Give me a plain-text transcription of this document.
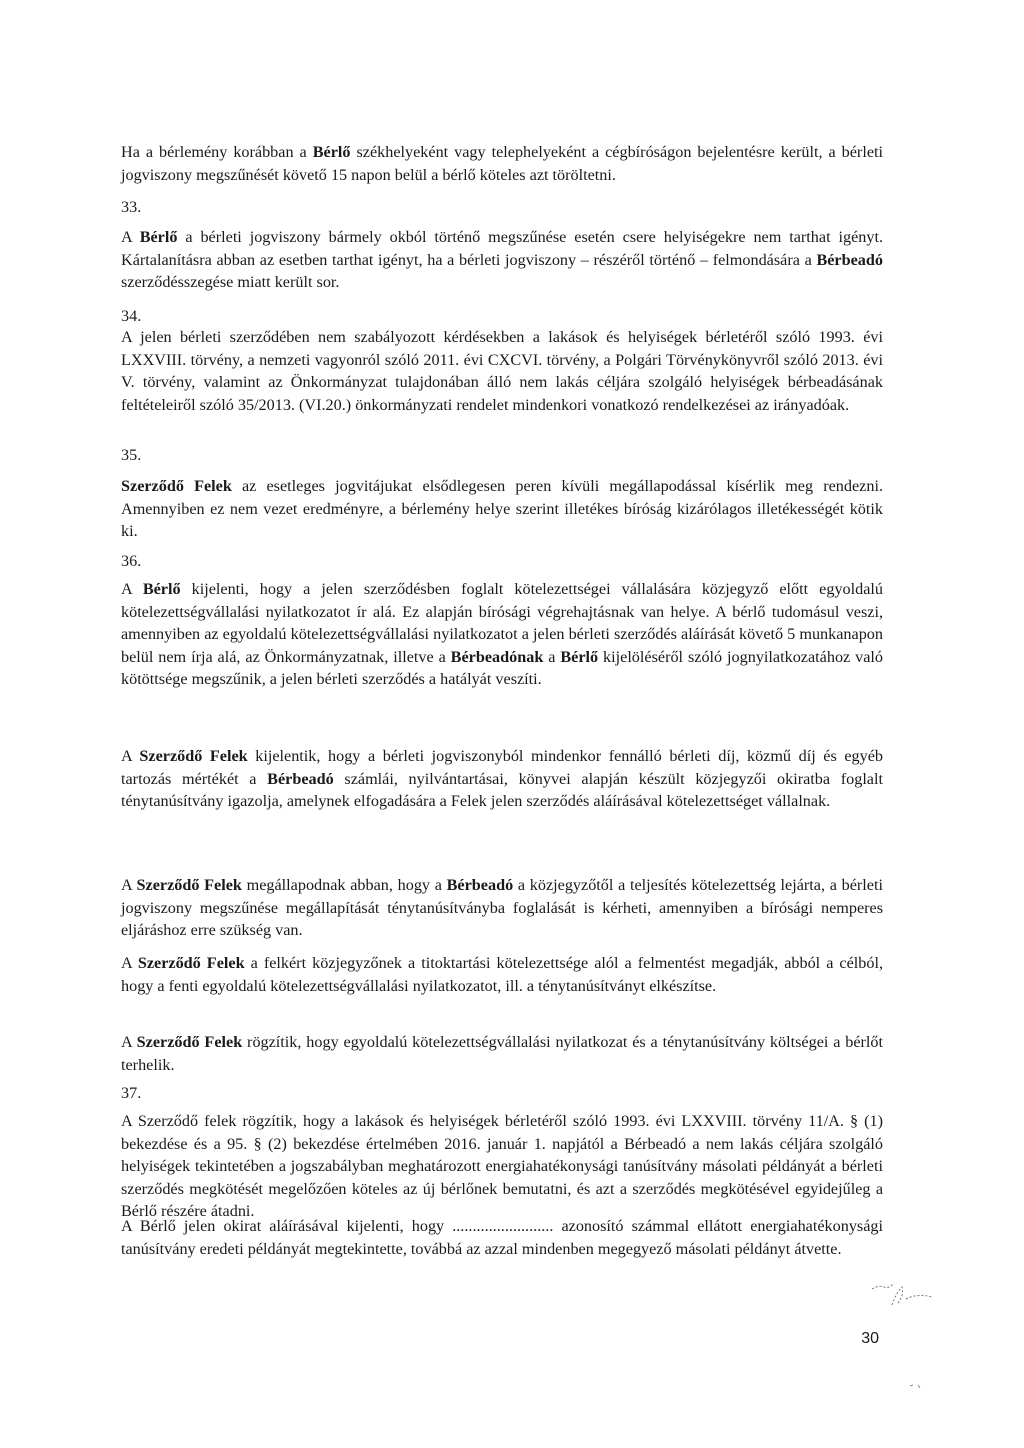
Ha a bérlemény korábban a Bérlő székhelyeként vagy telephelyeként a cégbíróságon bejelentésre került, a bérleti jogviszony megszűnését követő 15 napon belül a bérlő köteles azt töröltetni.

33.

A Bérlő a bérleti jogviszony bármely okból történő megszűnése esetén csere helyiségekre nem tarthat igényt. Kártalanításra abban az esetben tarthat igényt, ha a bérleti jogviszony – részéről történő – felmondására a Bérbeadó szerződésszegése miatt került sor.

34.

A jelen bérleti szerződében nem szabályozott kérdésekben a lakások és helyiségek bérletéről szóló 1993. évi LXXVIII. törvény, a nemzeti vagyonról szóló 2011. évi CXCVI. törvény, a Polgári Törvénykönyvről szóló 2013. évi V. törvény, valamint az Önkormányzat tulajdonában álló nem lakás céljára szolgáló helyiségek bérbeadásának feltételeiről szóló 35/2013. (VI.20.) önkormányzati rendelet mindenkori vonatkozó rendelkezései az irányadóak.

35.

Szerződő Felek az esetleges jogvitájukat elsődlegesen peren kívüli megállapodással kísérlik meg rendezni. Amennyiben ez nem vezet eredményre, a bérlemény helye szerint illetékes bíróság kizárólagos illetékességét kötik ki.

36.

A Bérlő kijelenti, hogy a jelen szerződésben foglalt kötelezettségei vállalására közjegyző előtt egyoldalú kötelezettségvállalási nyilatkozatot ír alá. Ez alapján bírósági végrehajtásnak van helye. A bérlő tudomásul veszi, amennyiben az egyoldalú kötelezettségvállalási nyilatkozatot a jelen bérleti szerződés aláírását követő 5 munkanapon belül nem írja alá, az Önkormányzatnak, illetve a Bérbeadónak a Bérlő kijelöléséről szóló jognyilatkozatához való kötöttsége megszűnik, a jelen bérleti szerződés a hatályát veszíti.

A Szerződő Felek kijelentik, hogy a bérleti jogviszonyból mindenkor fennálló bérleti díj, közmű díj és egyéb tartozás mértékét a Bérbeadó számlái, nyilvántartásai, könyvei alapján készült közjegyzői okiratba foglalt ténytanúsítvány igazolja, amelynek elfogadására a Felek jelen szerződés aláírásával kötelezettséget vállalnak.

A Szerződő Felek megállapodnak abban, hogy a Bérbeadó a közjegyzőtől a teljesítés kötelezettség lejárta, a bérleti jogviszony megszűnése megállapítását ténytanúsítványba foglalását is kérheti, amennyiben a bírósági nemperes eljáráshoz erre szükség van.

A Szerződő Felek a felkért közjegyzőnek a titoktartási kötelezettsége alól a felmentést megadják, abból a célból, hogy a fenti egyoldalú kötelezettségvállalási nyilatkozatot, ill. a ténytanúsítványt elkészítse.

A Szerződő Felek rögzítik, hogy egyoldalú kötelezettségvállalási nyilatkozat és a ténytanúsítvány költségei a bérlőt terhelik.

37.

A Szerződő felek rögzítik, hogy a lakások és helyiségek bérletéről szóló 1993. évi LXXVIII. törvény 11/A. § (1) bekezdése és a 95. § (2) bekezdése értelmében 2016. január 1. napjától a Bérbeadó a nem lakás céljára szolgáló helyiségek tekintetében a jogszabályban meghatározott energiahatékonysági tanúsítvány másolati példányát a bérleti szerződés megkötését megelőzően köteles az új bérlőnek bemutatni, és azt a szerződés megkötésével egyidejűleg a Bérlő részére átadni.

A Bérlő jelen okirat aláírásával kijelenti, hogy ......................... azonosító számmal ellátott energiahatékonysági tanúsítvány eredeti példányát megtekintette, továbbá az azzal mindenben megegyező másolati példányt átvette.

30
